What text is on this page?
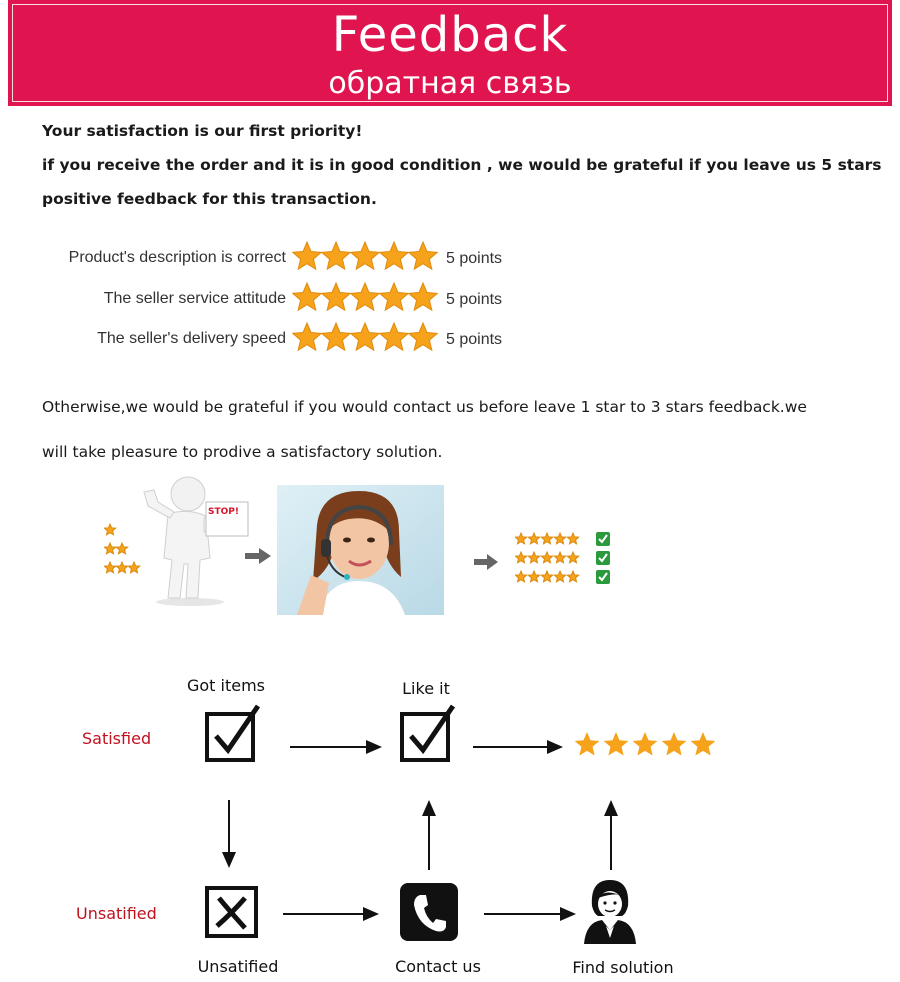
Feedback
обратная связь
Your satisfaction is our first priority!
if you receive the order and it is in good condition , we would be grateful if you leave us 5 stars
positive feedback for this transaction.
Product's description is correct	5 points
The seller service attitude	5 points
The seller's delivery speed	5 points
Otherwise,we would be grateful if you would contact us before leave 1 star to 3 stars feedback.we
will take pleasure to prodive a satisfactory solution.
STOP!
Got items	Like it
Satisfied
Unsatified
Unsatified	Contact us	Find solution
